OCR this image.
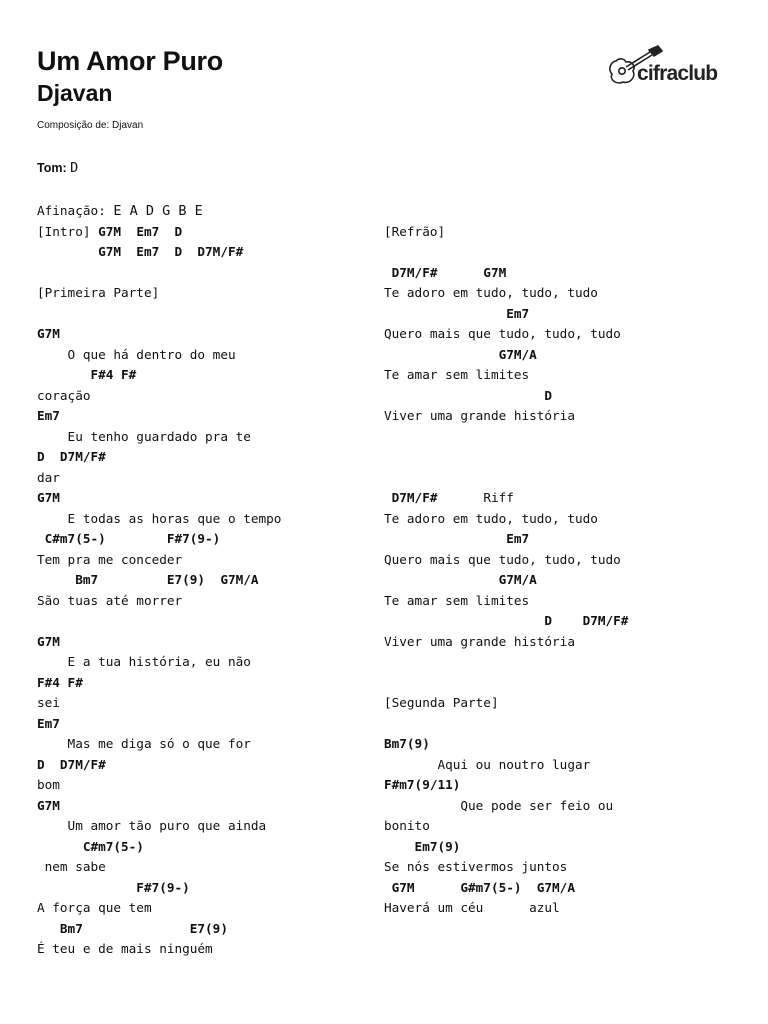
Um Amor Puro
Djavan
Composição de: Djavan
Tom: D
cifraclub
Afinação: E A D G B E
[Intro] G7M  Em7  D
G7M  Em7  D  D7M/F#
[Primeira Parte]
G7M
O que há dentro do meu
F#4 F#
coração
Em7
Eu tenho guardado pra te
D  D7M/F#
dar
G7M
E todas as horas que o tempo
C#m7(5-)        F#7(9-)
Tem pra me conceder
Bm7         E7(9)  G7M/A
São tuas até morrer
G7M
E a tua história, eu não
F#4 F#
sei
Em7
Mas me diga só o que for
D  D7M/F#
bom
G7M
Um amor tão puro que ainda
C#m7(5-)
nem sabe
F#7(9-)
A força que tem
Bm7              E7(9)
É teu e de mais ninguém
[Refrão]
D7M/F#      G7M
Te adoro em tudo, tudo, tudo
Em7
Quero mais que tudo, tudo, tudo
G7M/A
Te amar sem limites
D
Viver uma grande história
D7M/F#      Riff
Te adoro em tudo, tudo, tudo
Em7
Quero mais que tudo, tudo, tudo
G7M/A
Te amar sem limites
D    D7M/F#
Viver uma grande história
[Segunda Parte]
Bm7(9)
Aqui ou noutro lugar
F#m7(9/11)
Que pode ser feio ou
bonito
Em7(9)
Se nós estivermos juntos
G7M      G#m7(5-)  G7M/A
Haverá um céu      azul
